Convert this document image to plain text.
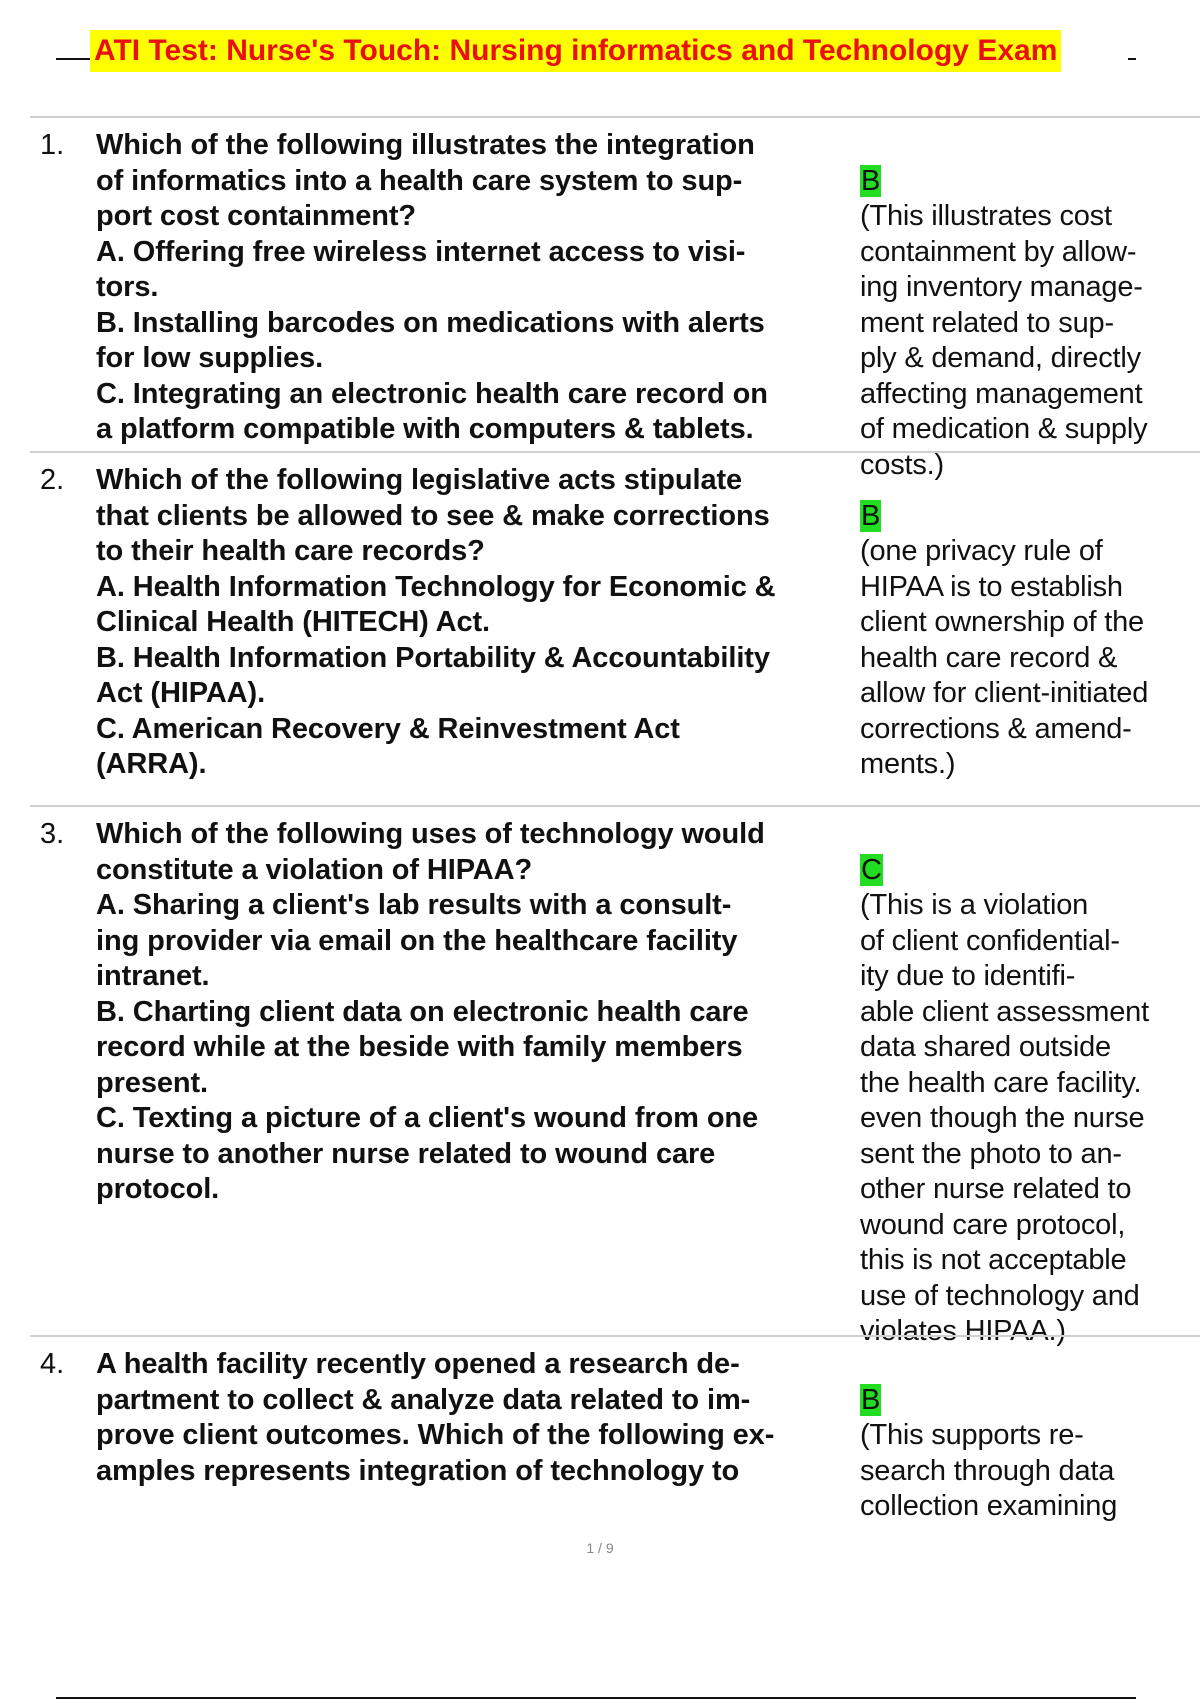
ATI Test: Nurse's Touch: Nursing informatics and Technology Exam
1.	Which of the following illustrates the integration
of informatics into a health care system to sup-
port cost containment?
A. Offering free wireless internet access to visi-
tors.
B. Installing barcodes on medications with alerts
for low supplies.
C. Integrating an electronic health care record on
a platform compatible with computers & tablets.

B

(This illustrates cost
containment by allow-
ing inventory manage-
ment related to sup-
ply & demand, directly
affecting management
of medication & supply
costs.)

2.	Which of the following legislative acts stipulate
that clients be allowed to see & make corrections
to their health care records?
A. Health Information Technology for Economic &
Clinical Health (HITECH) Act.
B. Health Information Portability & Accountability
Act (HIPAA).
C. American Recovery & Reinvestment Act
(ARRA).

B

(one privacy rule of
HIPAA is to establish
client ownership of the
health care record &
allow for client-initiated
corrections & amend-
ments.)

3.	Which of the following uses of technology would
constitute a violation of HIPAA?
A. Sharing a client's lab results with a consult-
ing provider via email on the healthcare facility
intranet.
B. Charting client data on electronic health care
record while at the beside with family members
present.
C. Texting a picture of a client's wound from one
nurse to another nurse related to wound care
protocol.

C

(This is a violation
of client confidential-
ity due to identifi-
able client assessment
data shared outside
the health care facility.
even though the nurse
sent the photo to an-
other nurse related to
wound care protocol,
this is not acceptable
use of technology and
violates HIPAA.)

4.	A health facility recently opened a research de-
partment to collect & analyze data related to im-
prove client outcomes. Which of the following ex-
amples represents integration of technology to

B

(This supports re-
search through data
collection examining

1 / 9
